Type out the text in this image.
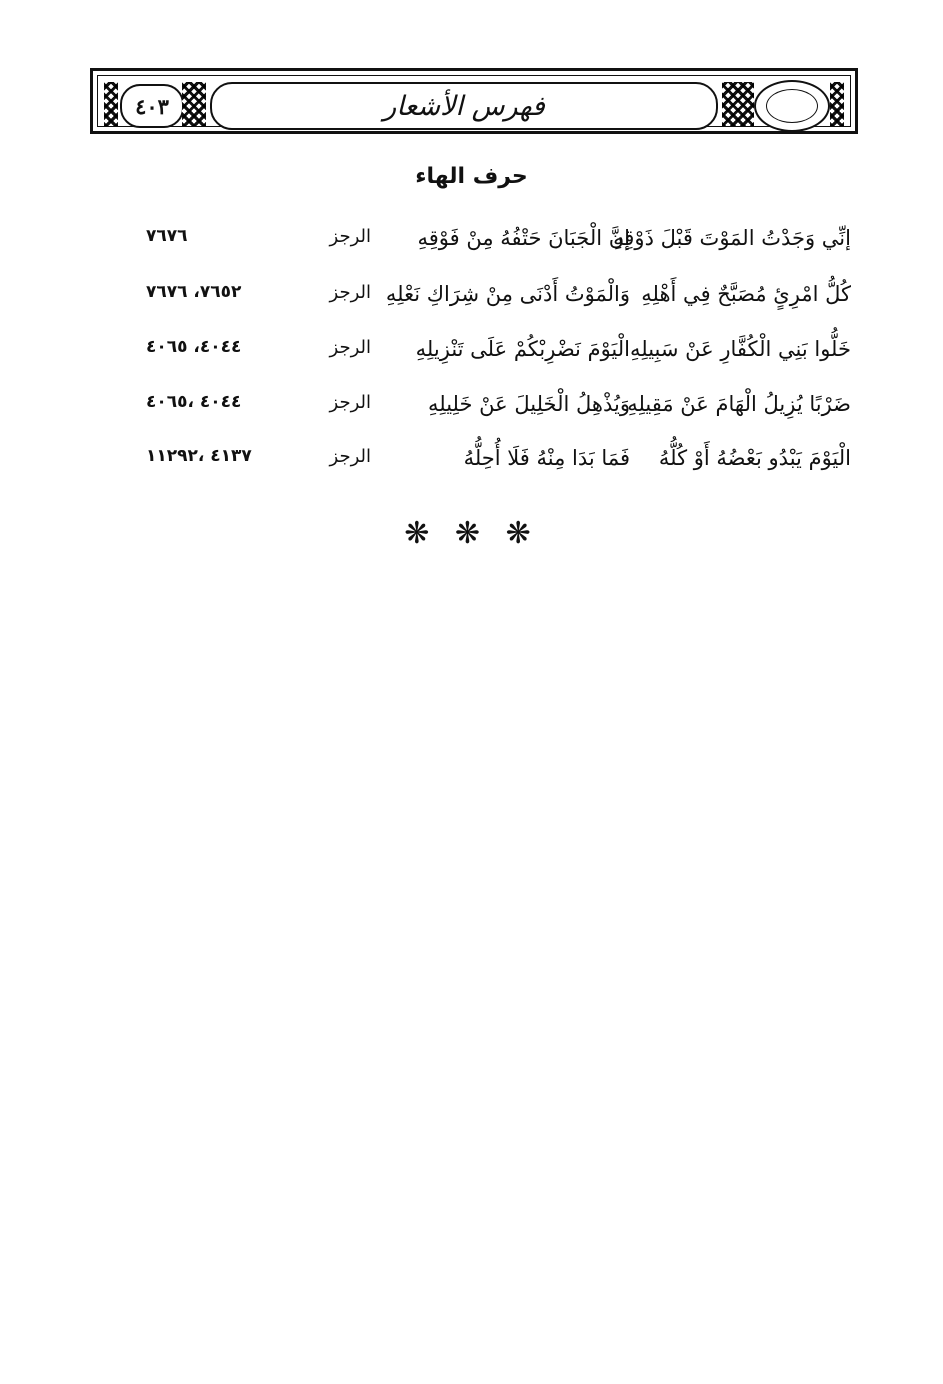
٤٠٣	فهرس الأشعار
حرف الهاء
إنِّي وَجَدْتُ المَوْتَ قَبْلَ ذَوْقِهِ
إنَّ الْجَبَانَ حَتْفُهُ مِنْ فَوْقِهِ
الرجز
٧٦٧٦
كُلُّ امْرِئٍ مُصَبَّحٌ فِي أَهْلِهِ
وَالْمَوْتُ أَدْنَى مِنْ شِرَاكِ نَعْلِهِ
الرجز
٧٦٥٢، ٧٦٧٦
خَلُّوا بَنِي الْكُفَّارِ عَنْ سَبِيلِهِ
الْيَوْمَ نَضْرِبْكُمْ عَلَى تَنْزِيلِهِ
الرجز
٤٠٤٤، ٤٠٦٥
ضَرْبًا يُزِيلُ الْهَامَ عَنْ مَقِيلِهِ
وَيُذْهِلُ الْخَلِيلَ عَنْ خَلِيلِهِ
الرجز
٤٠٤٤ ،٤٠٦٥
الْيَوْمَ يَبْدُو بَعْضُهُ أَوْ كُلُّهُ
فَمَا بَدَا مِنْهُ فَلَا أُحِلُّهُ
الرجز
٤١٣٧ ،١١٢٩٢
❋ ❋ ❋
